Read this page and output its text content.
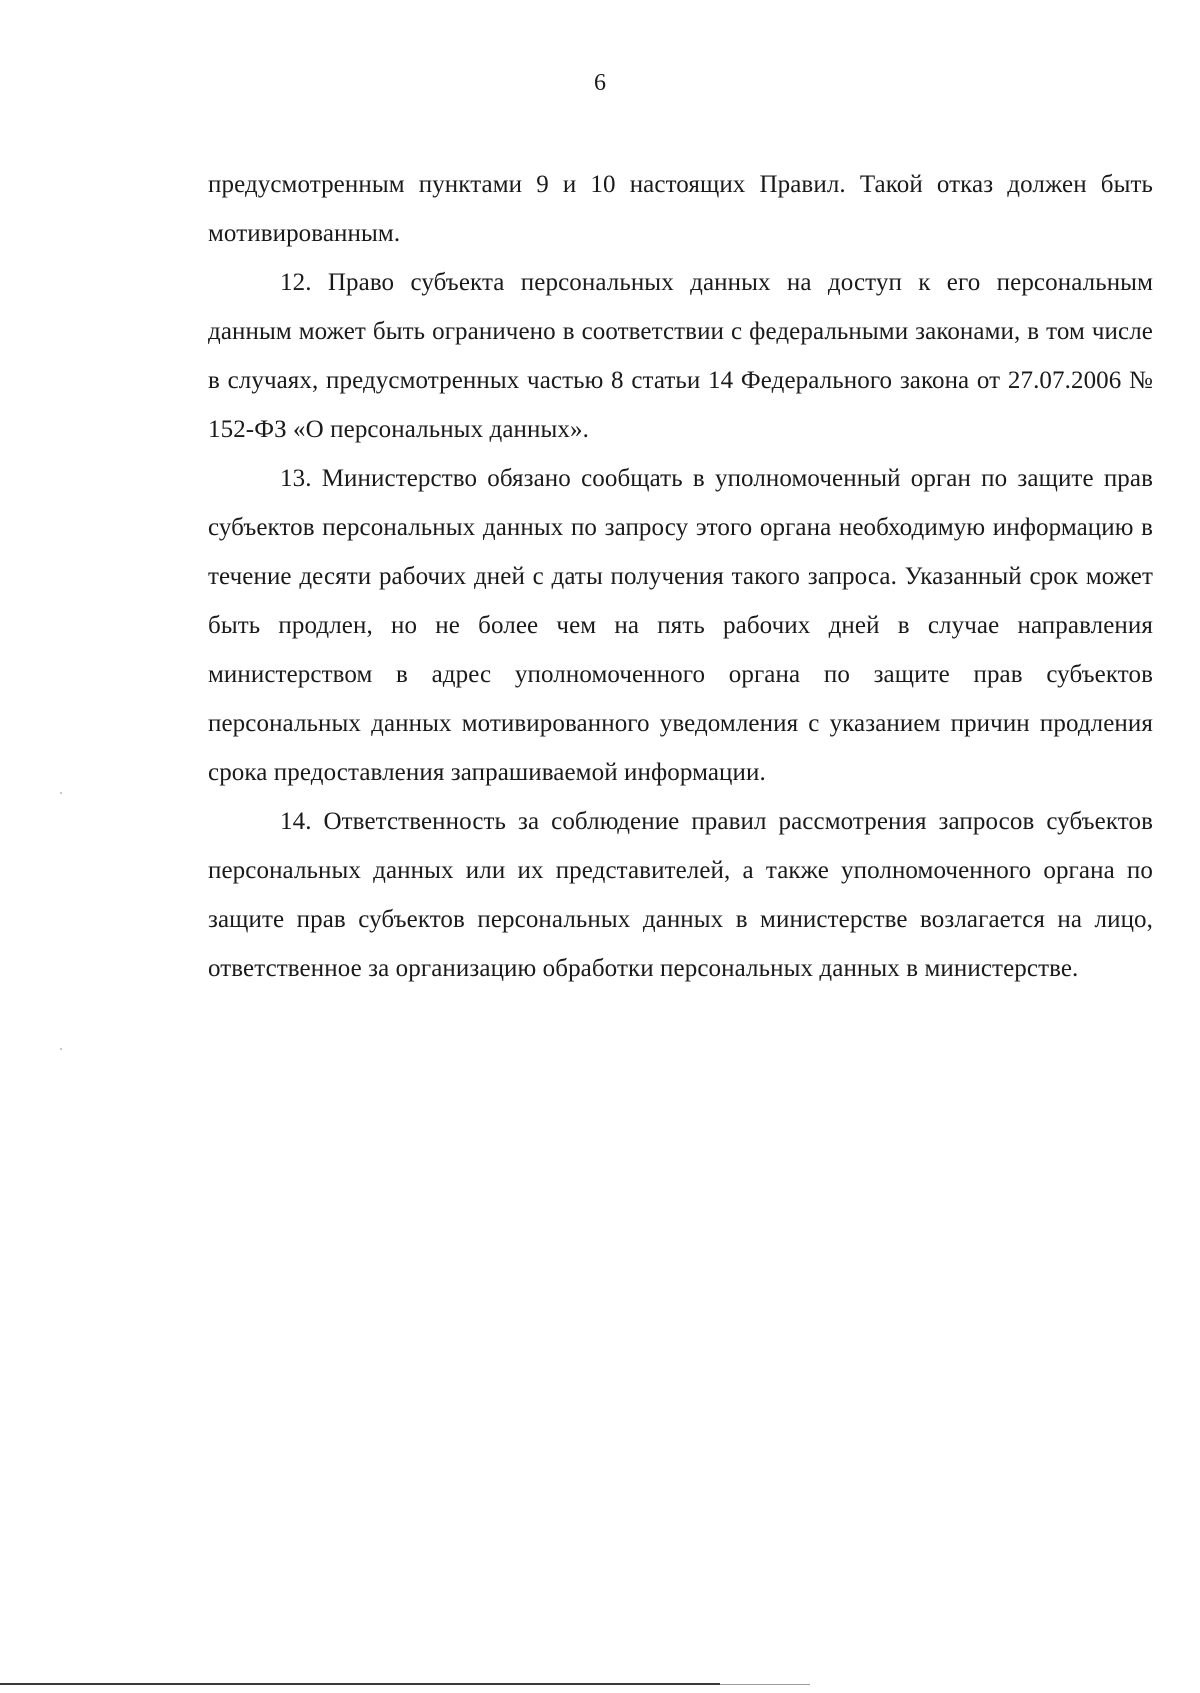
6

предусмотренным пунктами 9 и 10 настоящих Правил. Такой отказ должен быть мотивированным.

12. Право субъекта персональных данных на доступ к его персональным данным может быть ограничено в соответствии с федеральными законами, в том числе в случаях, предусмотренных частью 8 статьи 14 Федерального закона от 27.07.2006 № 152-ФЗ «О персональных данных».

13. Министерство обязано сообщать в уполномоченный орган по защите прав субъектов персональных данных по запросу этого органа необходимую информацию в течение десяти рабочих дней с даты получения такого запроса. Указанный срок может быть продлен, но не более чем на пять рабочих дней в случае направления министерством в адрес уполномоченного органа по защите прав субъектов персональных данных мотивированного уведомления с указанием причин продления срока предоставления запрашиваемой информации.

14. Ответственность за соблюдение правил рассмотрения запросов субъектов персональных данных или их представителей, а также уполномоченного органа по защите прав субъектов персональных данных в министерстве возлагается на лицо, ответственное за организацию обработки персональных данных в министерстве.
